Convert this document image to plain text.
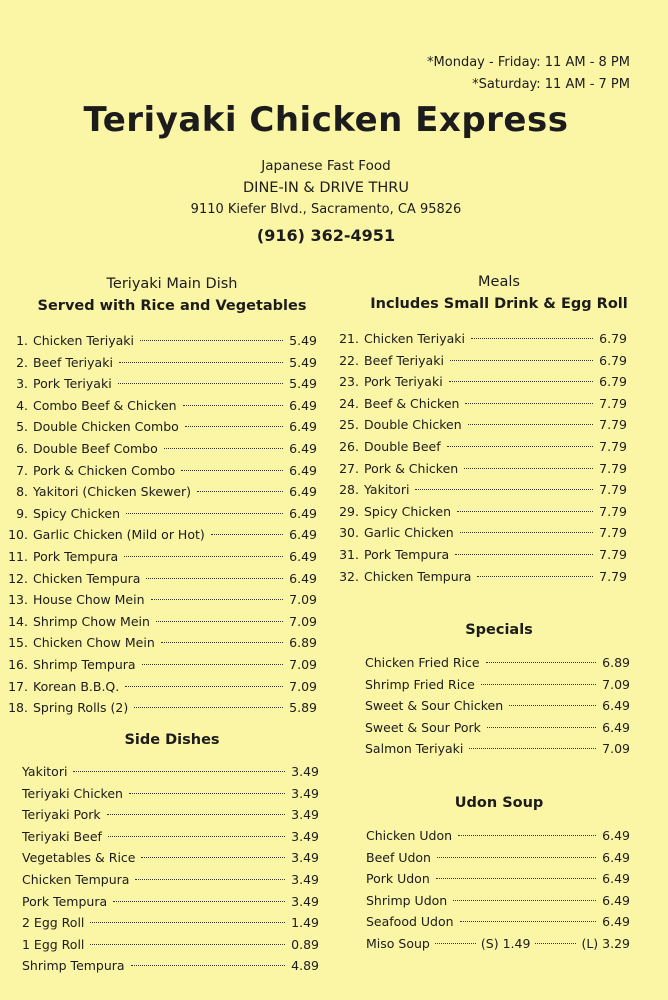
*Monday - Friday: 11 AM - 8 PM
*Saturday: 11 AM - 7 PM
Teriyaki Chicken Express
Japanese Fast Food
DINE-IN & DRIVE THRU
9110 Kiefer Blvd., Sacramento, CA 95826
(916) 362-4951
Teriyaki Main Dish
Served with Rice and Vegetables
1. Chicken Teriyaki	5.49
2. Beef Teriyaki	5.49
3. Pork Teriyaki	5.49
4. Combo Beef & Chicken	6.49
5. Double Chicken Combo	6.49
6. Double Beef Combo	6.49
7. Pork & Chicken Combo	6.49
8. Yakitori (Chicken Skewer)	6.49
9. Spicy Chicken	6.49
10. Garlic Chicken (Mild or Hot)	6.49
11. Pork Tempura	6.49
12. Chicken Tempura	6.49
13. House Chow Mein	7.09
14. Shrimp Chow Mein	7.09
15. Chicken Chow Mein	6.89
16. Shrimp Tempura	7.09
17. Korean B.B.Q.	7.09
18. Spring Rolls (2)	5.89
Side Dishes
Yakitori	3.49
Teriyaki Chicken	3.49
Teriyaki Pork	3.49
Teriyaki Beef	3.49
Vegetables & Rice	3.49
Chicken Tempura	3.49
Pork Tempura	3.49
2 Egg Roll	1.49
1 Egg Roll	0.89
Shrimp Tempura	4.89
Meals
Includes Small Drink & Egg Roll
21. Chicken Teriyaki	6.79
22. Beef Teriyaki	6.79
23. Pork Teriyaki	6.79
24. Beef & Chicken	7.79
25. Double Chicken	7.79
26. Double Beef	7.79
27. Pork & Chicken	7.79
28. Yakitori	7.79
29. Spicy Chicken	7.79
30. Garlic Chicken	7.79
31. Pork Tempura	7.79
32. Chicken Tempura	7.79
Specials
Chicken Fried Rice	6.89
Shrimp Fried Rice	7.09
Sweet & Sour Chicken	6.49
Sweet & Sour Pork	6.49
Salmon Teriyaki	7.09
Udon Soup
Chicken Udon	6.49
Beef Udon	6.49
Pork Udon	6.49
Shrimp Udon	6.49
Seafood Udon	6.49
Miso Soup	(S) 1.49	(L) 3.29
